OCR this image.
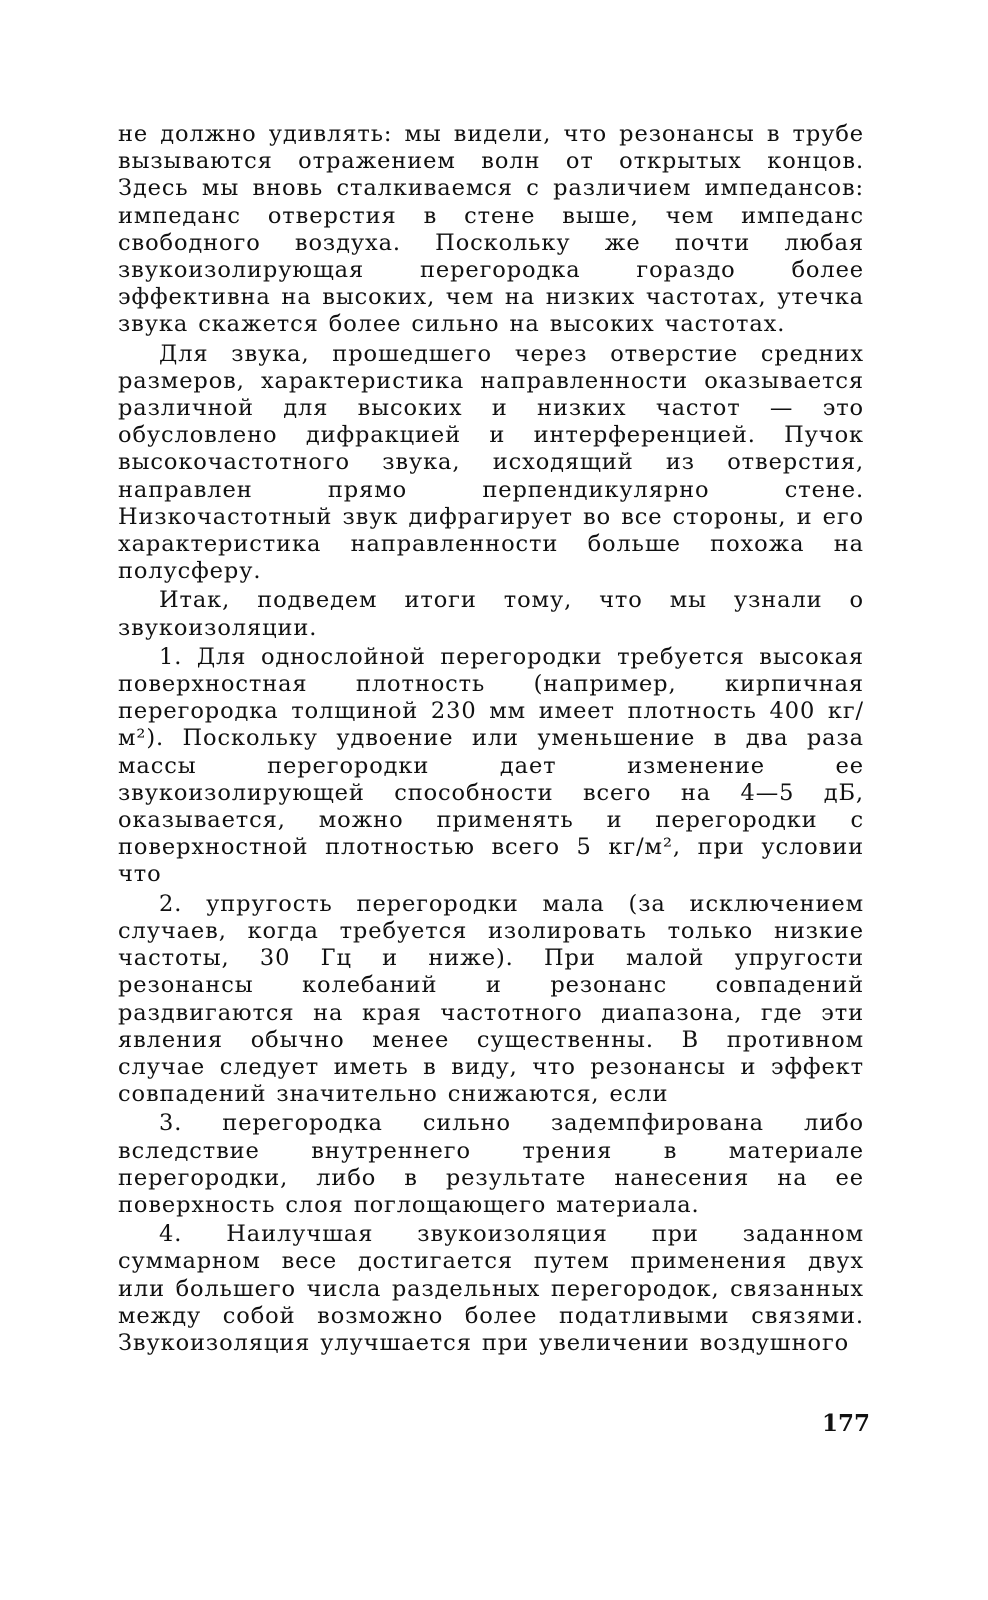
не должно удивлять: мы видели, что резонансы в трубе вызываются отражением волн от открытых концов. Здесь мы вновь сталкиваемся с различием импедансов: импеданс отверстия в стене выше, чем импеданс свободного воздуха. Поскольку же почти любая звукоизолирующая перегородка гораздо более эффективна на высоких, чем на низких частотах, утечка звука скажется более сильно на высоких частотах.

Для звука, прошедшего через отверстие средних размеров, характеристика направленности оказывается различной для высоких и низких частот — это обусловлено дифракцией и интерференцией. Пучок высокочастотного звука, исходящий из отверстия, направлен прямо перпендикулярно стене. Низкочастотный звук дифрагирует во все стороны, и его характеристика направленности больше похожа на полусферу.

Итак, подведем итоги тому, что мы узнали о звукоизоляции.

1. Для однослойной перегородки требуется высокая поверхностная плотность (например, кирпичная перегородка толщиной 230 мм имеет плотность 400 кг/м²). Поскольку удвоение или уменьшение в два раза массы перегородки дает изменение ее звукоизолирующей способности всего на 4—5 дБ, оказывается, можно применять и перегородки с поверхностной плотностью всего 5 кг/м², при условии что

2. упругость перегородки мала (за исключением случаев, когда требуется изолировать только низкие частоты, 30 Гц и ниже). При малой упругости резонансы колебаний и резонанс совпадений раздвигаются на края частотного диапазона, где эти явления обычно менее существенны. В противном случае следует иметь в виду, что резонансы и эффект совпадений значительно снижаются, если

3. перегородка сильно задемпфирована либо вследствие внутреннего трения в материале перегородки, либо в результате нанесения на ее поверхность слоя поглощающего материала.

4. Наилучшая звукоизоляция при заданном суммарном весе достигается путем применения двух или большего числа раздельных перегородок, связанных между собой возможно более податливыми связями. Звукоизоляция улучшается при увеличении воздушного

177
